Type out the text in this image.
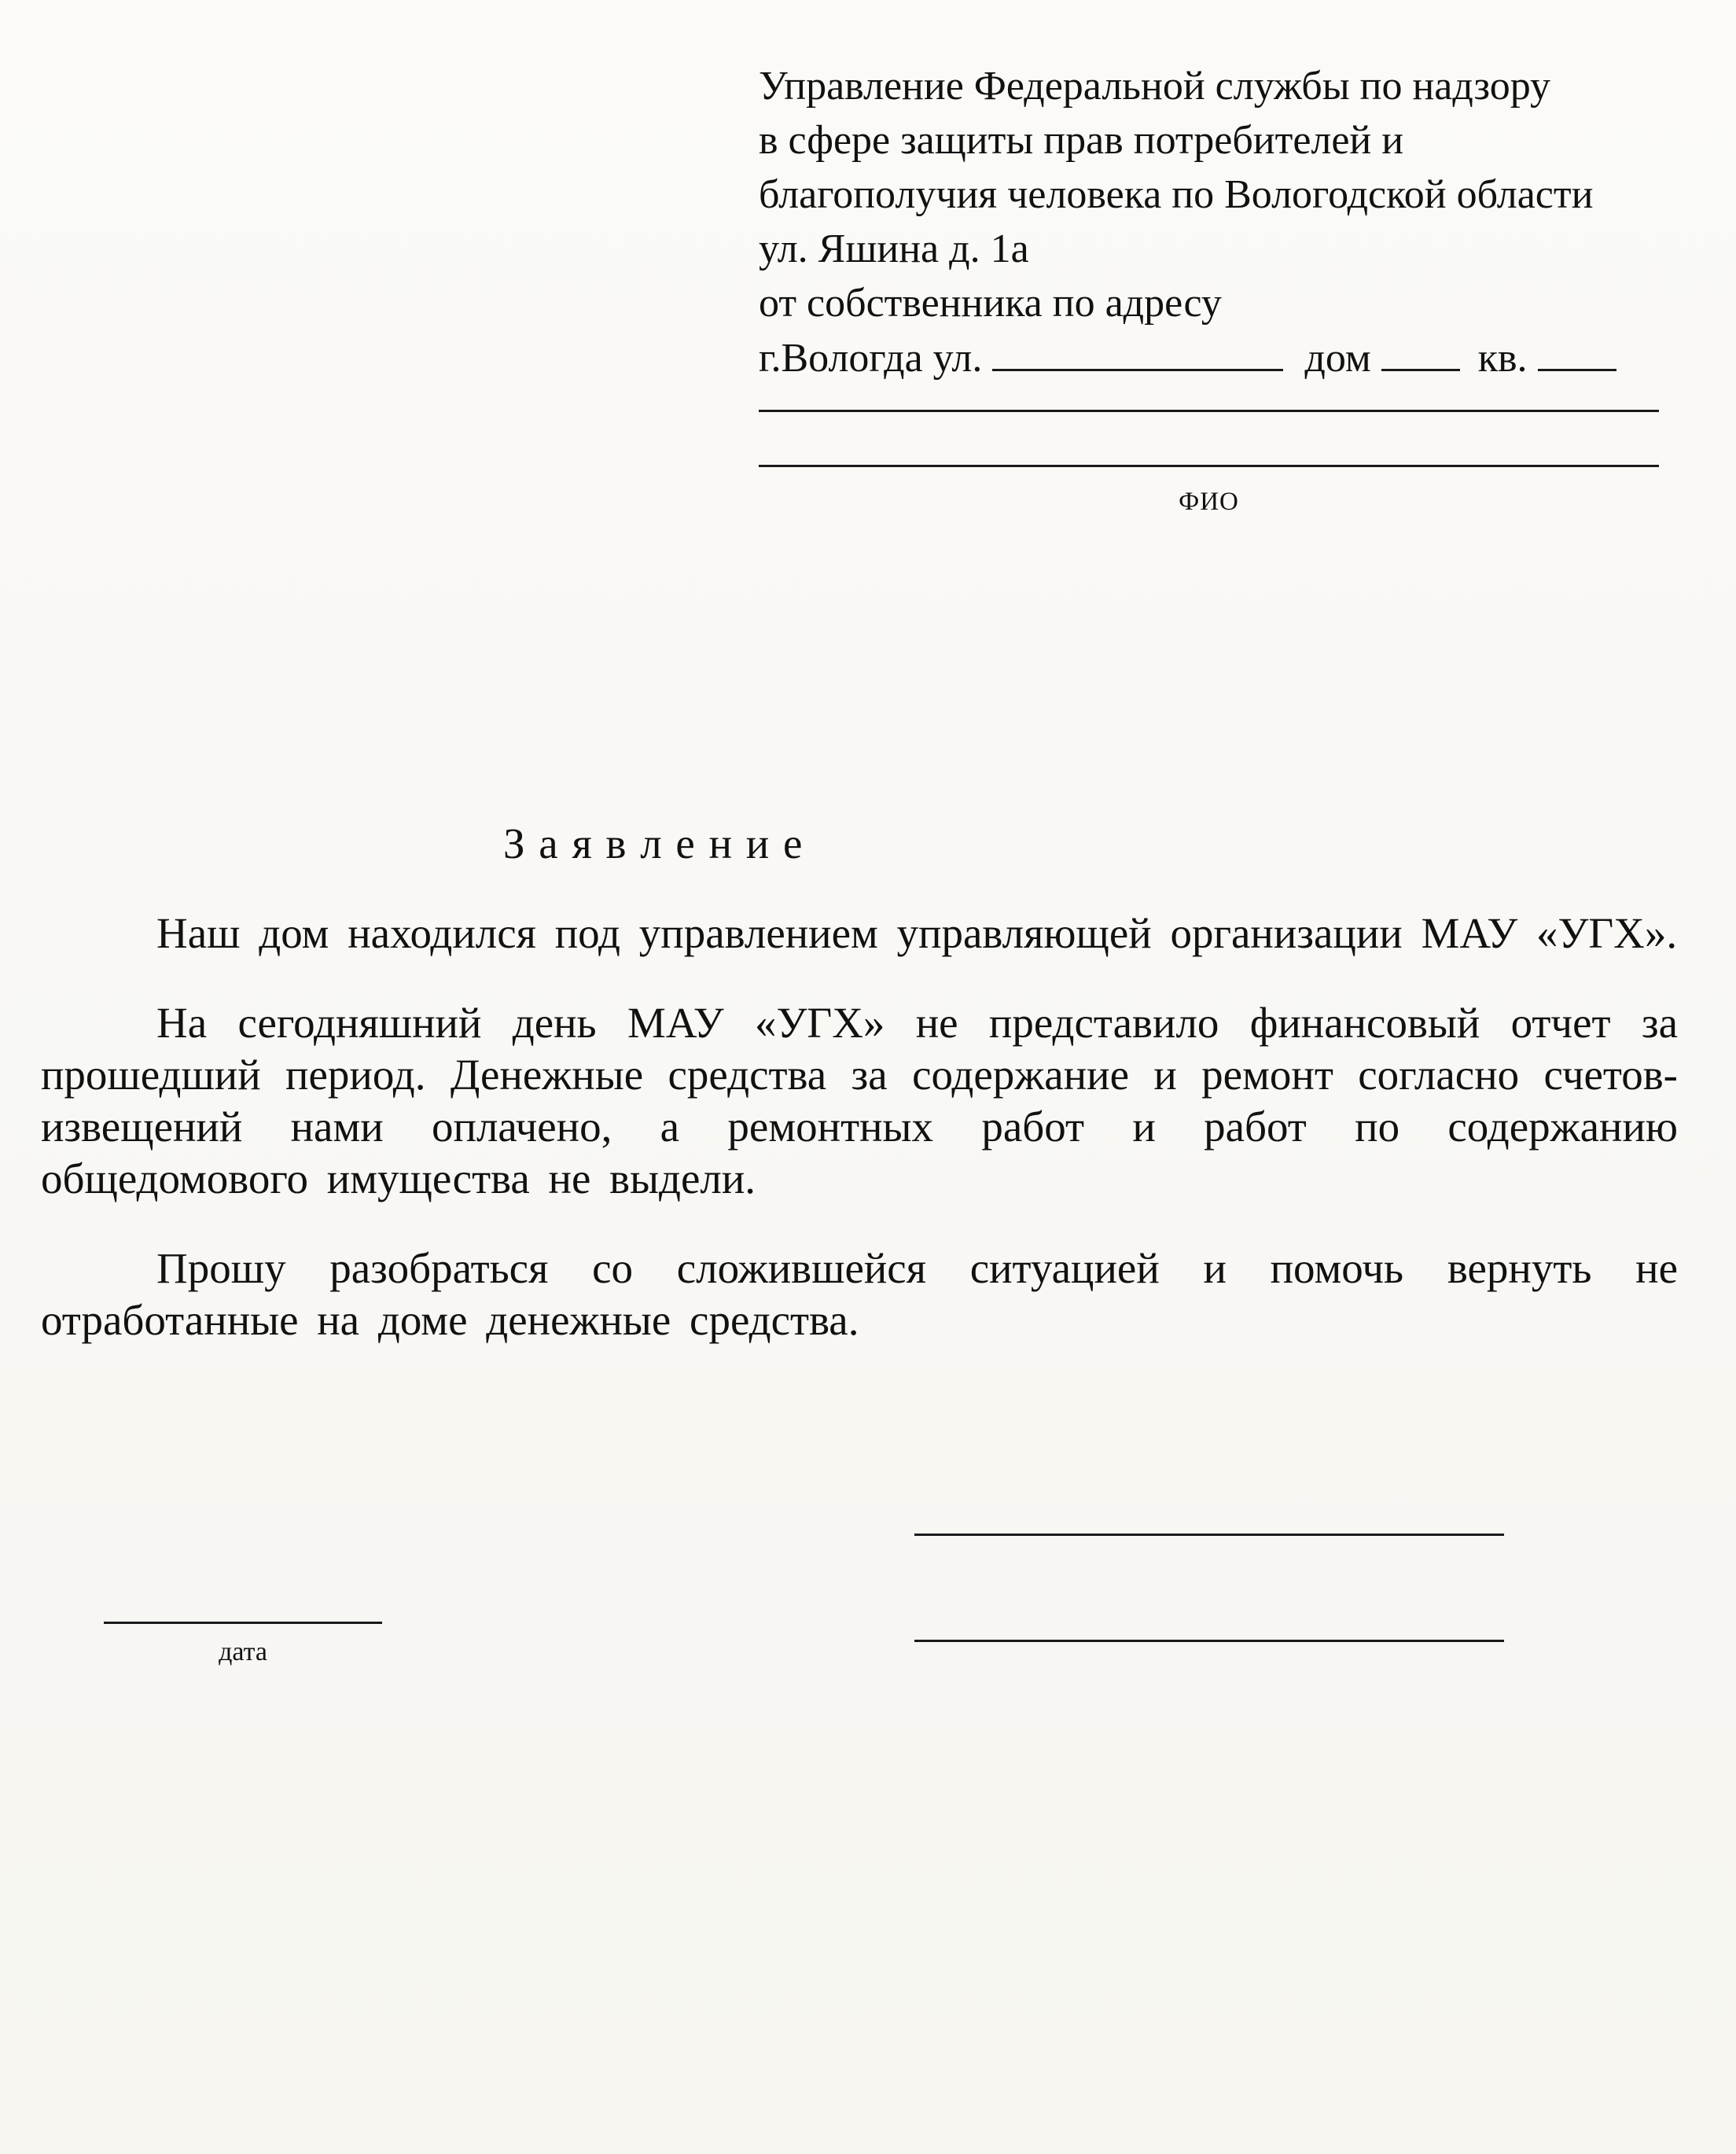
Управление Федеральной службы по надзору
в сфере защиты прав потребителей и
благополучия человека по Вологодской области
ул. Яшина д. 1а
от собственника по адресу
г.Вологда ул.	дом	кв.
ФИО
З а я в л е н и е

Наш дом находился под управлением управляющей организации МАУ «УГХ».

На сегодняшний день МАУ «УГХ» не представило финансовый отчет за прошедший период. Денежные средства за содержание и ремонт согласно счетов-извещений нами оплачено, а ремонтных работ и работ по содержанию общедомового имущества не выдели.

Прошу разобраться со сложившейся ситуацией и помочь вернуть не отработанные на доме денежные средства.

дата
